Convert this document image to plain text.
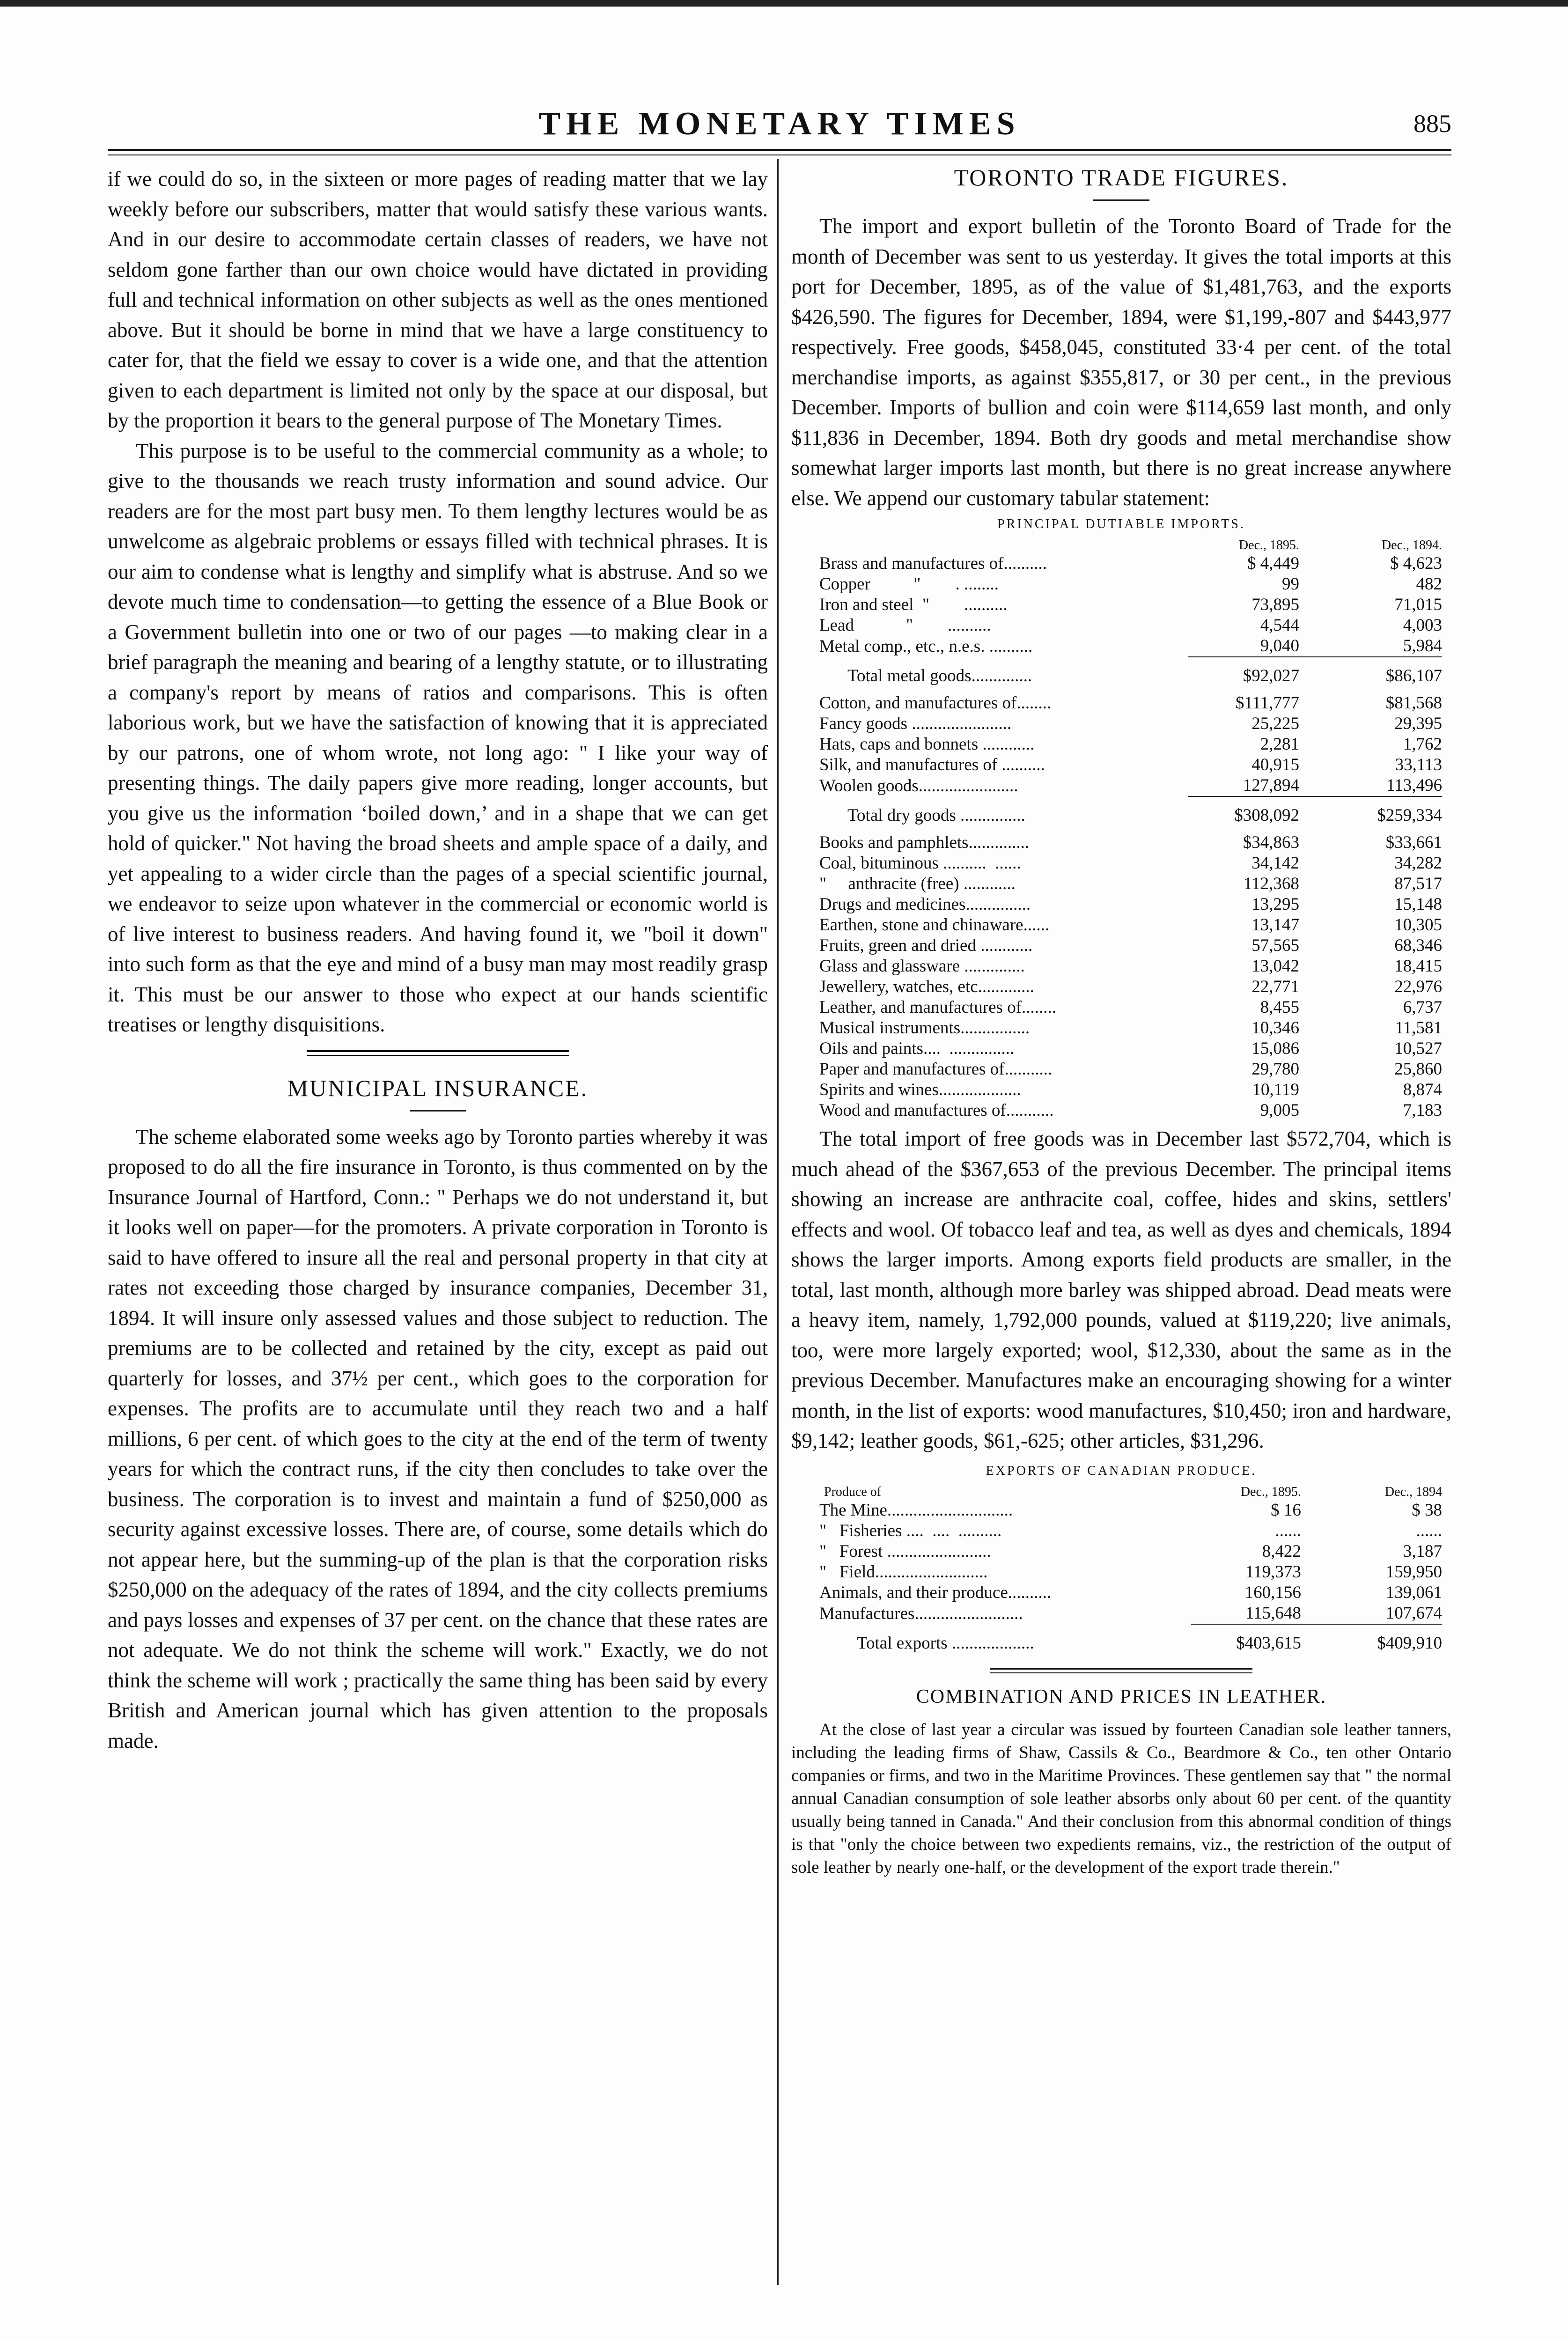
THE MONETARY TIMES	885

if we could do so, in the sixteen or more pages of reading matter that we lay weekly before our subscribers, matter that would satisfy these various wants. And in our desire to accommodate certain classes of readers, we have not seldom gone farther than our own choice would have dictated in providing full and technical information on other subjects as well as the ones mentioned above. But it should be borne in mind that we have a large constituency to cater for, that the field we essay to cover is a wide one, and that the attention given to each department is limited not only by the space at our disposal, but by the proportion it bears to the general purpose of The Monetary Times.

This purpose is to be useful to the commercial community as a whole; to give to the thousands we reach trusty information and sound advice. Our readers are for the most part busy men. To them lengthy lectures would be as unwelcome as algebraic problems or essays filled with technical phrases. It is our aim to condense what is lengthy and simplify what is abstruse. And so we devote much time to condensation—to getting the essence of a Blue Book or a Government bulletin into one or two of our pages —to making clear in a brief paragraph the meaning and bearing of a lengthy statute, or to illustrating a company's report by means of ratios and comparisons. This is often laborious work, but we have the satisfaction of knowing that it is appreciated by our patrons, one of whom wrote, not long ago: " I like your way of presenting things. The daily papers give more reading, longer accounts, but you give us the information ‘boiled down,’ and in a shape that we can get hold of quicker." Not having the broad sheets and ample space of a daily, and yet appealing to a wider circle than the pages of a special scientific journal, we endeavor to seize upon whatever in the commercial or economic world is of live interest to business readers. And having found it, we "boil it down" into such form as that the eye and mind of a busy man may most readily grasp it. This must be our answer to those who expect at our hands scientific treatises or lengthy disquisitions.

MUNICIPAL INSURANCE.

The scheme elaborated some weeks ago by Toronto parties whereby it was proposed to do all the fire insurance in Toronto, is thus commented on by the Insurance Journal of Hartford, Conn.: " Perhaps we do not understand it, but it looks well on paper—for the promoters. A private corporation in Toronto is said to have offered to insure all the real and personal property in that city at rates not exceeding those charged by insurance companies, December 31, 1894. It will insure only assessed values and those subject to reduction. The premiums are to be collected and retained by the city, except as paid out quarterly for losses, and 37½ per cent., which goes to the corporation for expenses. The profits are to accumulate until they reach two and a half millions, 6 per cent. of which goes to the city at the end of the term of twenty years for which the contract runs, if the city then concludes to take over the business. The corporation is to invest and maintain a fund of $250,000 as security against excessive losses. There are, of course, some details which do not appear here, but the summing-up of the plan is that the corporation risks $250,000 on the adequacy of the rates of 1894, and the city collects premiums and pays losses and expenses of 37 per cent. on the chance that these rates are not adequate. We do not think the scheme will work." Exactly, we do not think the scheme will work ; practically the same thing has been said by every British and American journal which has given attention to the proposals made.

TORONTO TRADE FIGURES.

The import and export bulletin of the Toronto Board of Trade for the month of December was sent to us yesterday. It gives the total imports at this port for December, 1895, as of the value of $1,481,763, and the exports $426,590. The figures for December, 1894, were $1,199,-807 and $443,977 respectively. Free goods, $458,045, constituted 33·4 per cent. of the total merchandise imports, as against $355,817, or 30 per cent., in the previous December. Imports of bullion and coin were $114,659 last month, and only $11,836 in December, 1894. Both dry goods and metal merchandise show somewhat larger imports last month, but there is no great increase anywhere else. We append our customary tabular statement:

PRINCIPAL DUTIABLE IMPORTS.
	Dec., 1895.	Dec., 1894.
Brass and manufactures of..........	$ 4,449	$ 4,623
Copper          "        . ........	99	482
Iron and steel  "        ..........	73,895	71,015
Lead            "        ..........	4,544	4,003
Metal comp., etc., n.e.s. ..........	9,040	5,984
Total metal goods..............	$92,027	$86,107
Cotton, and manufactures of........	$111,777	$81,568
Fancy goods .......................	25,225	29,395
Hats, caps and bonnets ............	2,281	1,762
Silk, and manufactures of ..........	40,915	33,113
Woolen goods.......................	127,894	113,496
Total dry goods ...............	$308,092	$259,334
Books and pamphlets..............	$34,863	$33,661
Coal, bituminous ..........  ......	34,142	34,282
"     anthracite (free) ............	112,368	87,517
Drugs and medicines...............	13,295	15,148
Earthen, stone and chinaware......	13,147	10,305
Fruits, green and dried ............	57,565	68,346
Glass and glassware ..............	13,042	18,415
Jewellery, watches, etc.............	22,771	22,976
Leather, and manufactures of........	8,455	6,737
Musical instruments................	10,346	11,581
Oils and paints....  ...............	15,086	10,527
Paper and manufactures of...........	29,780	25,860
Spirits and wines...................	10,119	8,874
Wood and manufactures of...........	9,005	7,183

The total import of free goods was in December last $572,704, which is much ahead of the $367,653 of the previous December. The principal items showing an increase are anthracite coal, coffee, hides and skins, settlers' effects and wool. Of tobacco leaf and tea, as well as dyes and chemicals, 1894 shows the larger imports. Among exports field products are smaller, in the total, last month, although more barley was shipped abroad. Dead meats were a heavy item, namely, 1,792,000 pounds, valued at $119,220; live animals, too, were more largely exported; wool, $12,330, about the same as in the previous December. Manufactures make an encouraging showing for a winter month, in the list of exports: wood manufactures, $10,450; iron and hardware, $9,142; leather goods, $61,-625; other articles, $31,296.

EXPORTS OF CANADIAN PRODUCE.
Produce of	Dec., 1895.	Dec., 1894
The Mine.............................	$ 16	$ 38
"   Fisheries ....  ....  ..........	......	......
"   Forest ........................	8,422	3,187
"   Field..........................	119,373	159,950
Animals, and their produce..........	160,156	139,061
Manufactures.........................	115,648	107,674
Total exports ...................	$403,615	$409,910
COMBINATION AND PRICES IN LEATHER.

At the close of last year a circular was issued by fourteen Canadian sole leather tanners, including the leading firms of Shaw, Cassils & Co., Beardmore & Co., ten other Ontario companies or firms, and two in the Maritime Provinces. These gentlemen say that " the normal annual Canadian consumption of sole leather absorbs only about 60 per cent. of the quantity usually being tanned in Canada." And their conclusion from this abnormal condition of things is that "only the choice between two expedients remains, viz., the restriction of the output of sole leather by nearly one-half, or the development of the export trade therein."
